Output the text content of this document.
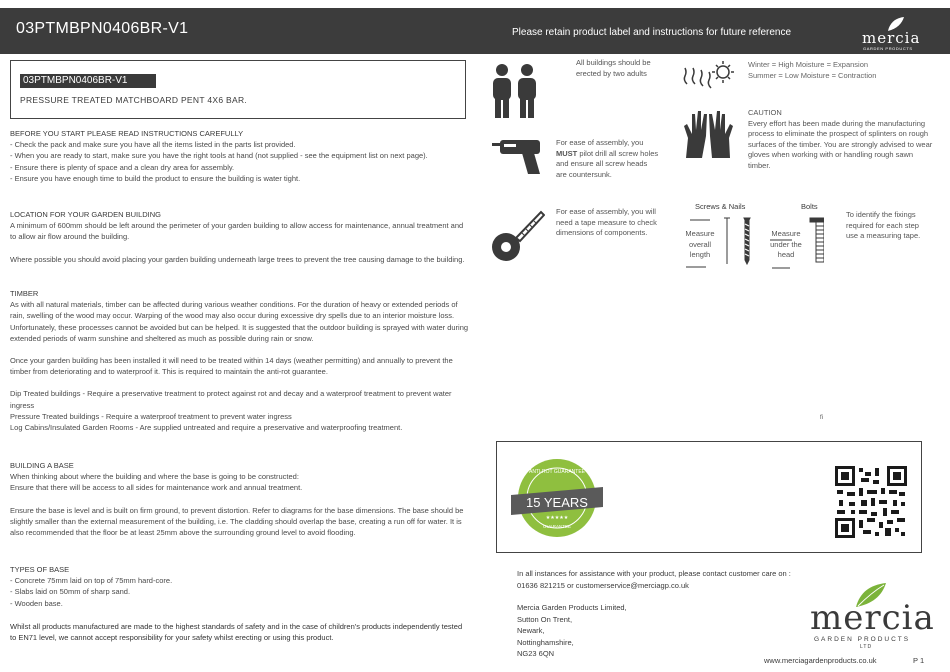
03PTMBPN0406BR-V1	Please retain product label and instructions for future reference	mercia
GARDEN PRODUCTS
03PTMBPN0406BR-V1
PRESSURE TREATED MATCHBOARD PENT 4X6 BAR.

BEFORE YOU START PLEASE READ INSTRUCTIONS CAREFULLY

- Check the pack and make sure you have all the items listed in the parts list provided.

- When you are ready to start, make sure you have the right tools at hand (not supplied - see the equipment list on next page).

- Ensure there is plenty of space and a clean dry area for assembly.

- Ensure you have enough time to build the product to ensure the building is water tight.

LOCATION FOR YOUR GARDEN BUILDING

A minimum of 600mm should be left around the perimeter of your garden building to allow access for maintenance, annual treatment and to allow air flow around the building.

Where possible you should avoid placing your garden building underneath large trees to prevent the tree causing damage to the building.

TIMBER

As with all natural materials, timber can be affected during various weather conditions. For the duration of heavy or extended periods of rain, swelling of the wood may occur. Warping of the wood may also occur during excessive dry spells due to an interior moisture loss. Unfortunately, these processes cannot be avoided but can be helped. It is suggested that the outdoor building is sprayed with water during extended periods of warm sunshine and sheltered as much as possible during rain or snow.

Once your garden building has been installed it will need to be treated within 14 days (weather permitting) and annually to prevent the timber from deteriorating and to waterproof it. This is required to maintain the anti-rot guarantee.

Dip Treated buildings - Require a preservative treatment to protect against rot and decay and a waterproof treatment to prevent water ingress

Pressure Treated buildings - Require a waterproof treatment to prevent water ingress

Log Cabins/Insulated Garden Rooms - Are supplied untreated and require a preservative and waterproofing treatment.

BUILDING A BASE

When thinking about where the building and where the base is going to be constructed:

Ensure that there will be access to all sides for maintenance work and annual treatment.

Ensure the base is level and is built on firm ground, to prevent distortion. Refer to diagrams for the base dimensions. The base should be slightly smaller than the external measurement of the building, i.e. The cladding should overlap the base, creating a run off for water. It is also recommended that the floor be at least 25mm above the surrounding ground level to avoid flooding.

TYPES OF BASE

- Concrete 75mm laid on top of 75mm hard-core.

- Slabs laid on 50mm of sharp sand.

- Wooden base.

Whilst all products manufactured are made to the highest standards of safety and in the case of children's products independently tested to EN71 level, we cannot accept responsibility for your safety whilst erecting or using this product.

All buildings should be erected by two adults
For ease of assembly, you
MUST pilot drill all screw holes and ensure all screw heads are countersunk.
For ease of assembly, you will need a tape measure to check dimensions of components.
Winter = High Moisture = Expansion
Summer = Low Moisture = Contraction
CAUTION
Every effort has been made during the manufacturing process to eliminate the prospect of splinters on rough surfaces of the timber. You are strongly advised to wear gloves when working with or handling rough sawn timber.
Screws & Nails	Bolts
Measure overall length
Measure under the head
To identify the fixings required for each step use a measuring tape.
fi
ANTI-ROT GUARANTEE
15 YEARS
★★★★★
GUARANTEE

In all instances for assistance with your product, please contact customer care on :

01636 821215 or customerservice@merciagp.co.uk

Mercia Garden Products Limited,

Sutton On Trent,

Newark,

Nottinghamshire,

NG23 6QN

mercia
GARDEN PRODUCTS
LTD
www.merciagardenproducts.co.uk	P 1
